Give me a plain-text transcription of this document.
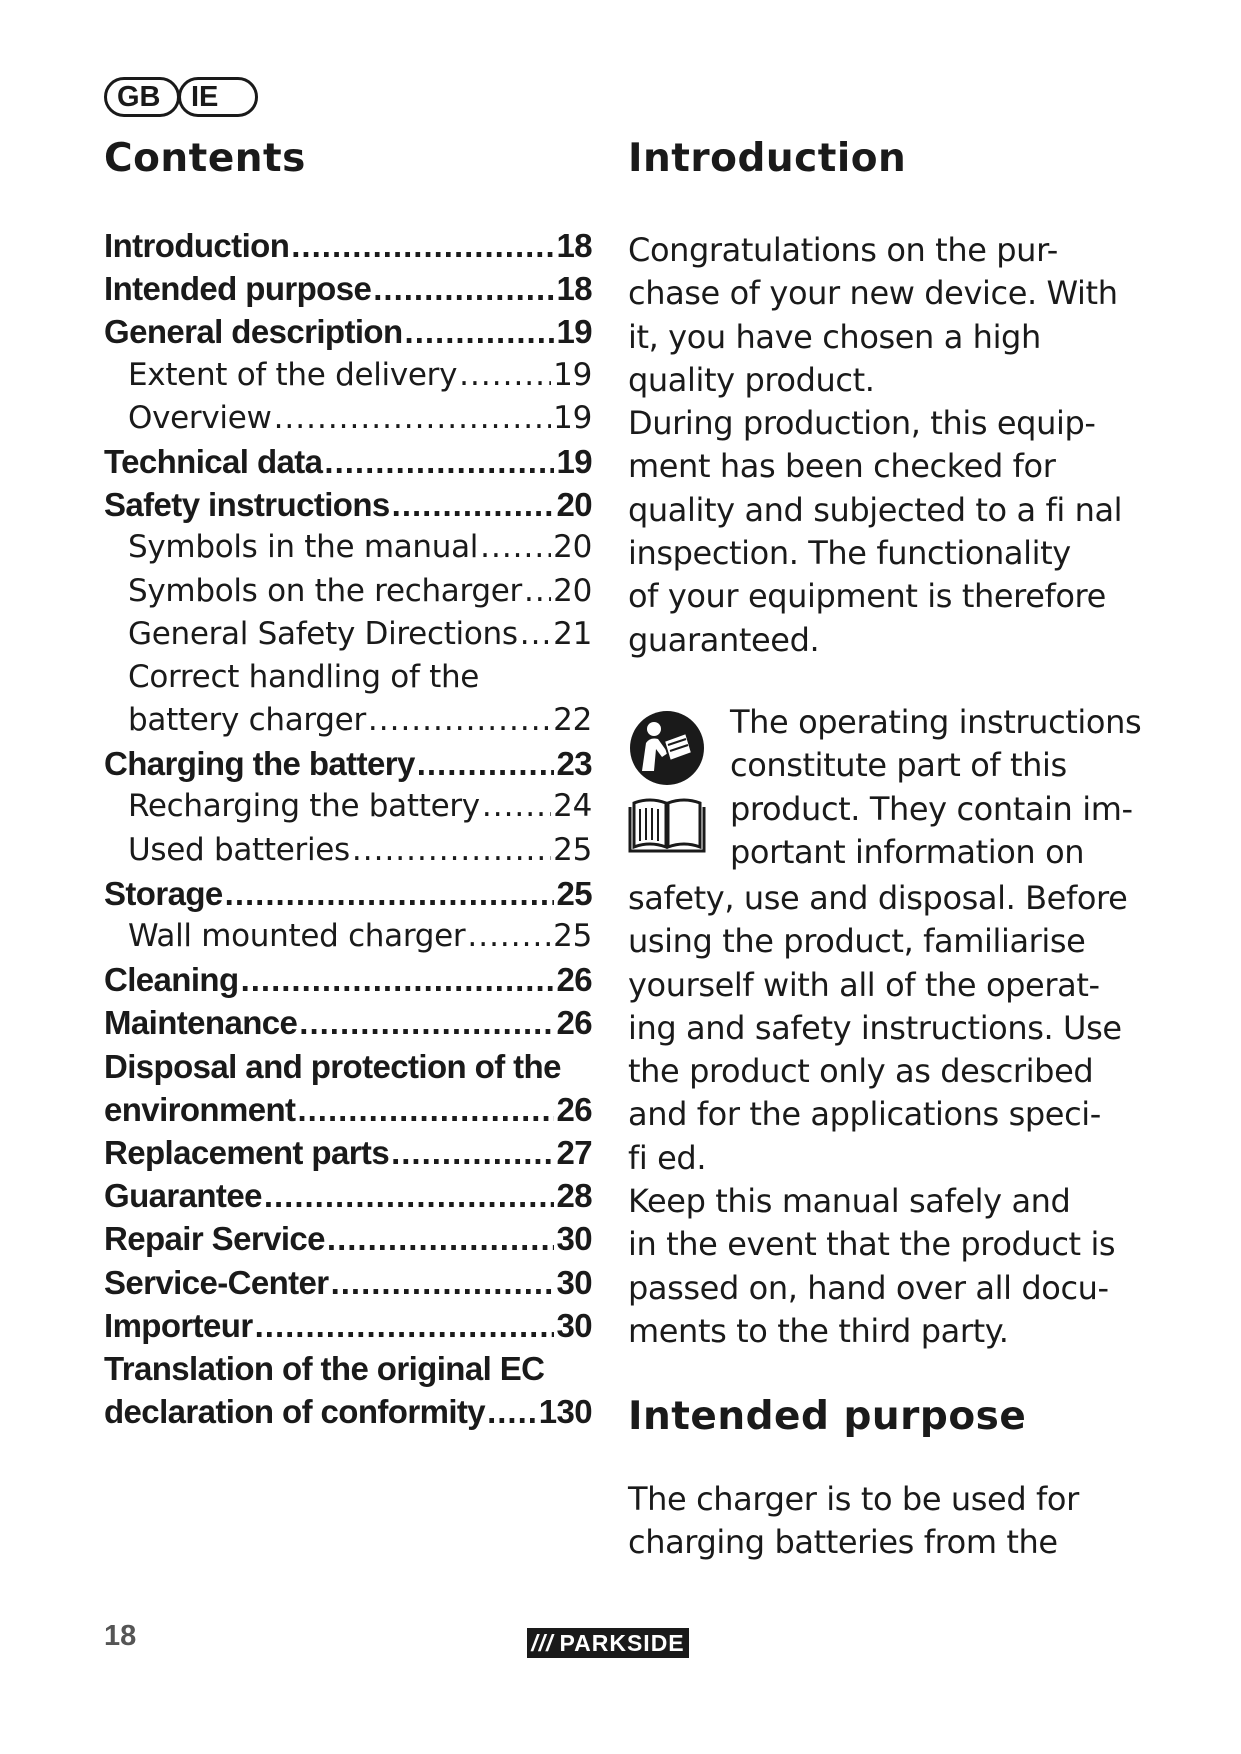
GB	IE
Contents	Introduction
Introduction .....	18
Intended purpose .....	18
General description .....	19
Extent of the delivery .....	19
Overview .....	19
Technical data .....	19
Safety instructions .....	20
Symbols in the manual ..... 20
Symbols on the recharger ..... 20
General Safety Directions ..... 21
Correct handling of the
battery charger .....	22
Charging the battery .....	23
Recharging the battery ..... 24
Used batteries .....	25
Storage .....	25
Wall mounted charger .....	25
Cleaning .....	26
Maintenance .....	26
Disposal and protection of the
environment .....	26
Replacement parts .....	27
Guarantee .....	28
Repair Service .....	30
Service-Center .....	30
Importeur .....	30
Translation of the original EC
declaration of conformity ..... 130

Congratulations on the pur-
chase of your new device. With
it, you have chosen a high
quality product.
During production, this equip-
ment has been checked for
quality and subjected to a fi nal
inspection. The functionality
of your equipment is therefore
guaranteed.

The operating instructions
constitute part of this
product. They contain im-
portant information on

safety, use and disposal. Before
using the product, familiarise
yourself with all of the operat-
ing and safety instructions. Use
the product only as described
and for the applications speci-
fi ed.
Keep this manual safely and
in the event that the product is
passed on, hand over all docu-
ments to the third party.

Intended purpose

The charger is to be used for
charging batteries from the

18	/// PARKSIDE
